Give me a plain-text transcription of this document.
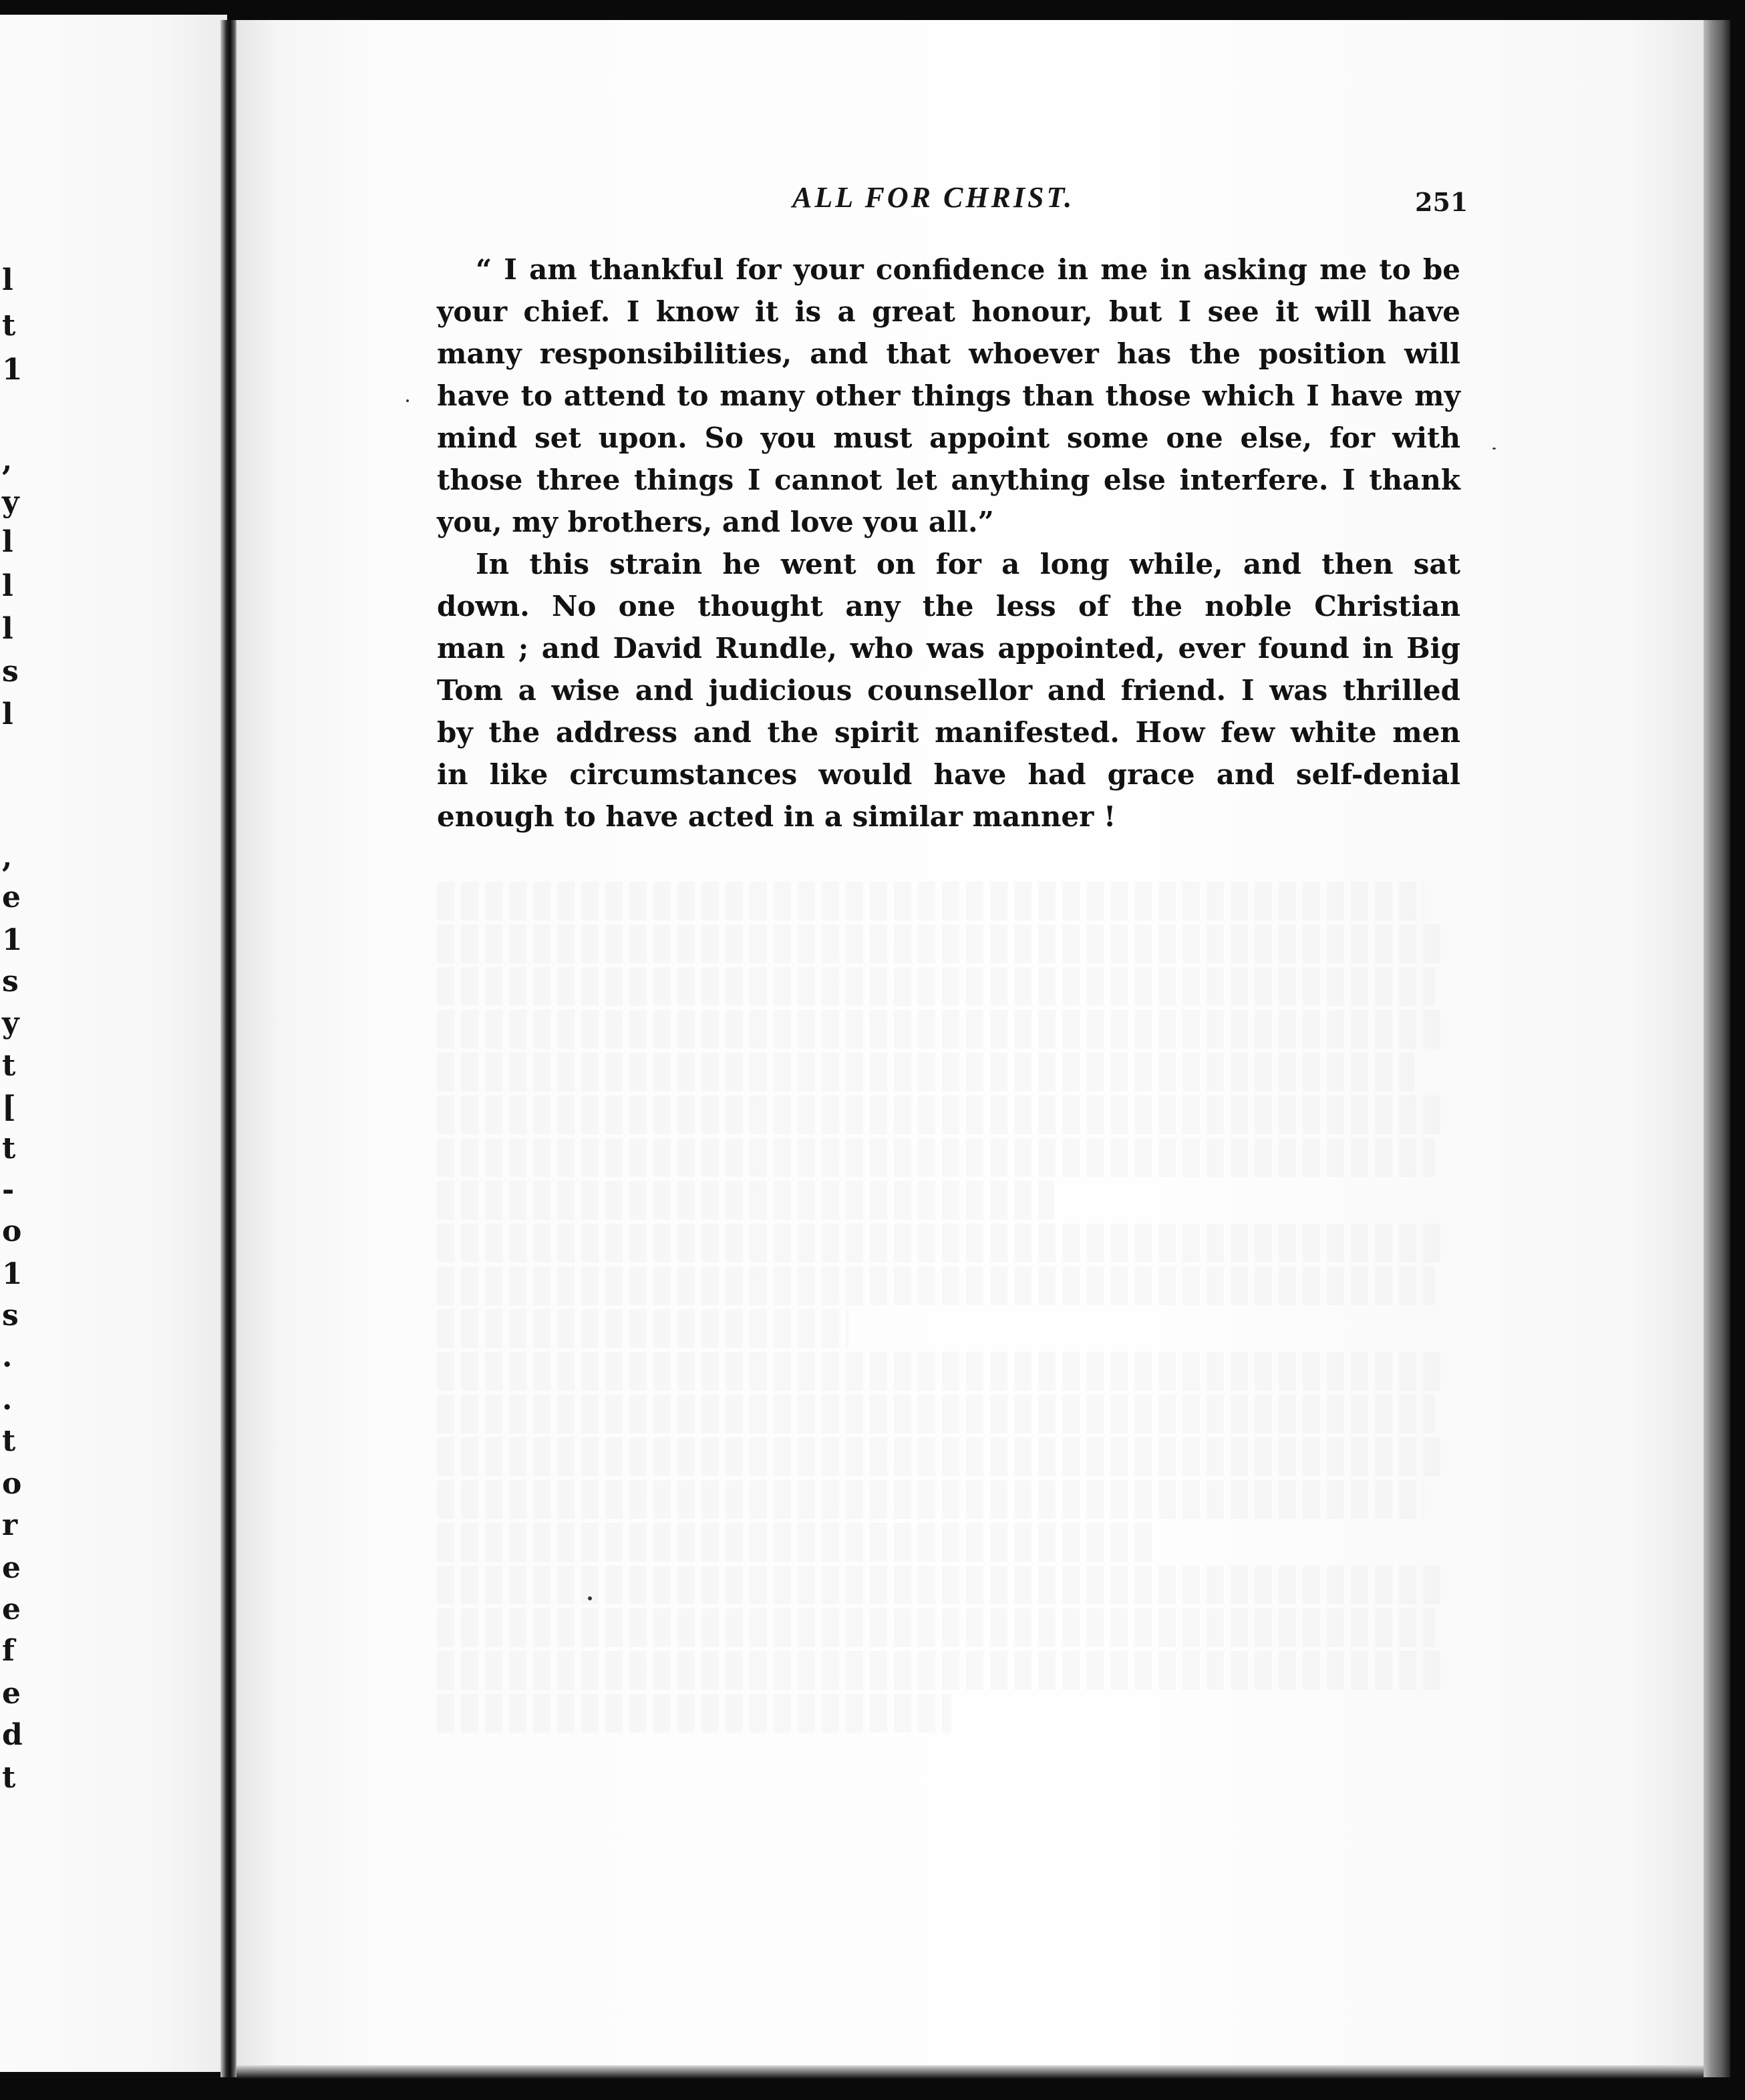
l
t
1
,
y
l
l
l
s
l
,
e
1
s
y
t
[
t
-
o
1
s
.
.
t
o
r
e
e
f
e
d
t
ALL FOR CHRIST.	251
“ I am thankful for your confidence in me in asking me to be
your chief. I know it is a great honour, but I see it will have
many responsibilities, and that whoever has the position will
have to attend to many other things than those which I have my
mind set upon. So you must appoint some one else, for with
those three things I cannot let anything else interfere. I thank
you, my brothers, and love you all.”
In this strain he went on for a long while, and then sat
down. No one thought any the less of the noble Christian
man ; and David Rundle, who was appointed, ever found in Big
Tom a wise and judicious counsellor and friend. I was thrilled
by the address and the spirit manifested. How few white men
in like circumstances would have had grace and self-denial
enough to have acted in a similar manner !
